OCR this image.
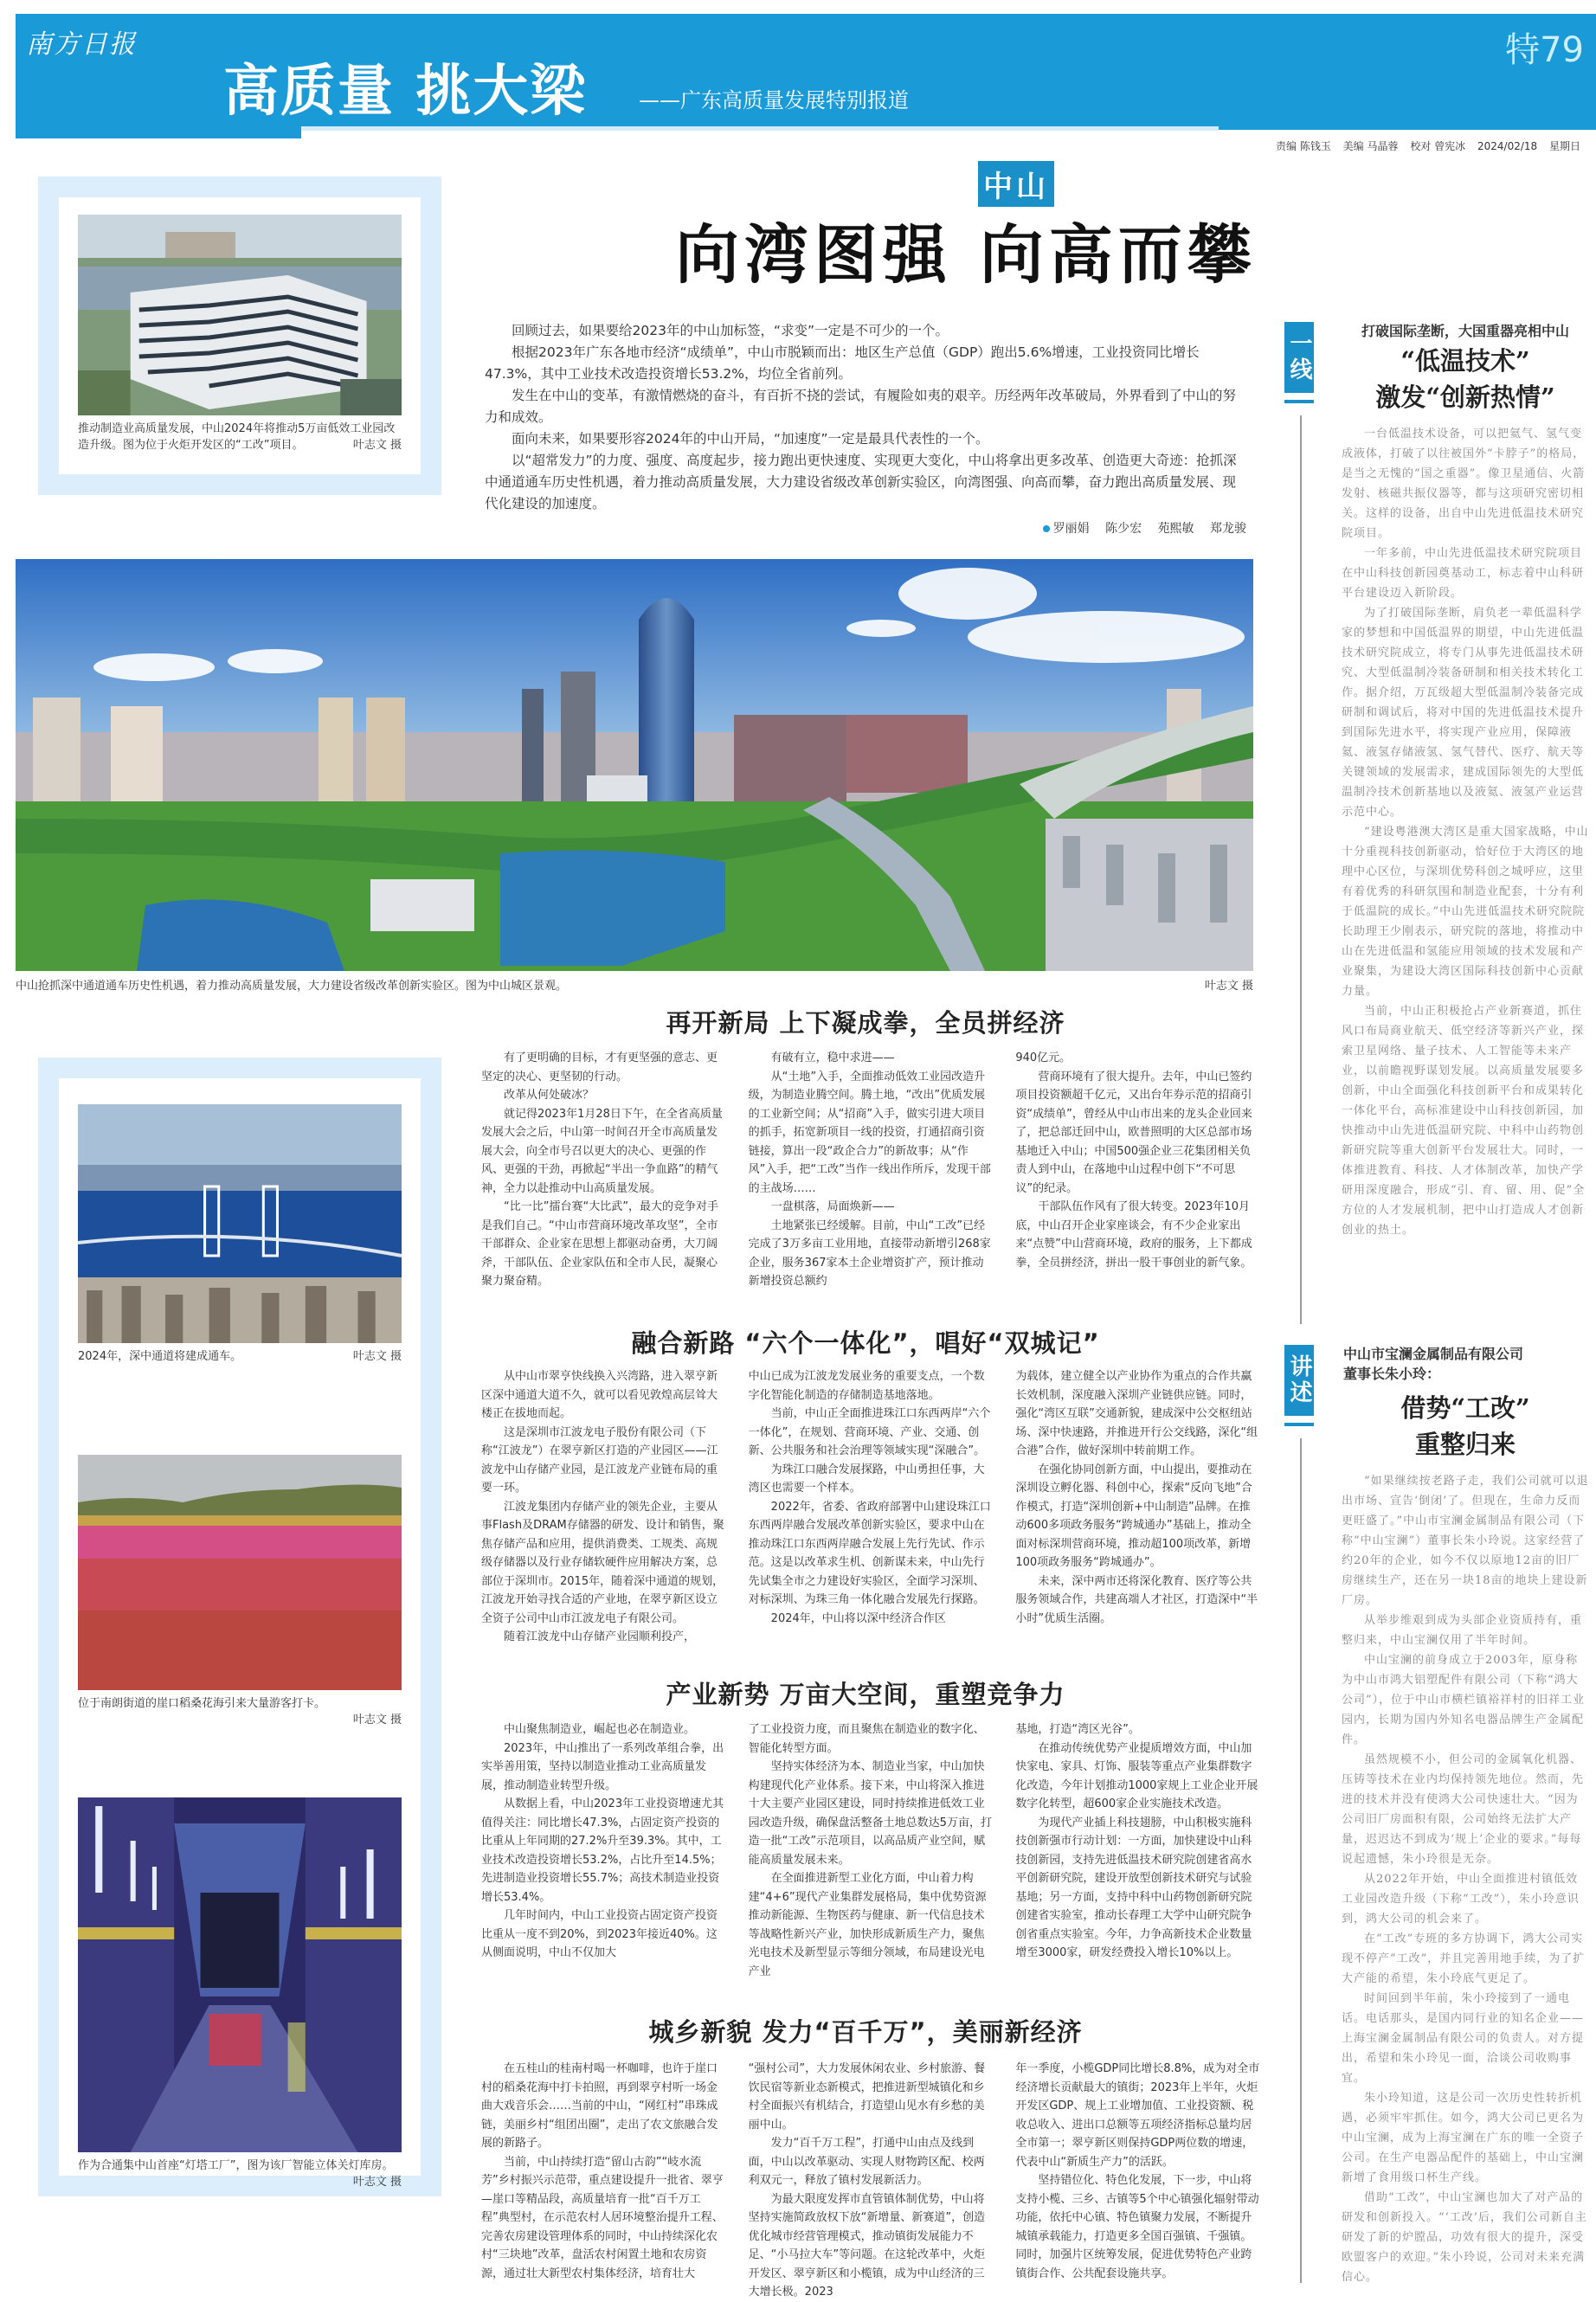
南方日报
高质量 挑大梁 ——广东高质量发展特别报道
特79
责编 陈钱玉 美编 马晶蓉 校对 曾宪冰 2024/02/18 星期日
推动制造业高质量发展，中山2024年将推动5万亩低效工业园改造升级。图为位于火炬开发区的“工改”项目。	叶志文 摄
中山
向湾图强 向高而攀

回顾过去，如果要给2023年的中山加标签，“求变”一定是不可少的一个。

根据2023年广东各地市经济“成绩单”，中山市脱颖而出：地区生产总值（GDP）跑出5.6%增速，工业投资同比增长47.3%，其中工业技术改造投资增长53.2%，均位全省前列。

发生在中山的变革，有激情燃烧的奋斗，有百折不挠的尝试，有履险如夷的艰辛。历经两年改革破局，外界看到了中山的努力和成效。

面向未来，如果要形容2024年的中山开局，“加速度”一定是最具代表性的一个。

以“超常发力”的力度、强度、高度起步，接力跑出更快速度、实现更大变化，中山将拿出更多改革、创造更大奇迹：抢抓深中通道通车历史性机遇，着力推动高质量发展，大力建设省级改革创新实验区，向湾图强、向高而攀，奋力跑出高质量发展、现代化建设的加速度。

罗丽娟 陈少宏 苑熙敏 郑龙骏
中山抢抓深中通道通车历史性机遇，着力推动高质量发展，大力建设省级改革创新实验区。图为中山城区景观。	叶志文 摄
2024年，深中通道将建成通车。	叶志文 摄
位于南朗街道的崖口稻桑花海引来大量游客打卡。
叶志文 摄
作为合通集中山首座“灯塔工厂”，图为该厂智能立体关灯库房。
叶志文 摄
再开新局 上下凝成拳，全员拼经济

有了更明确的目标，才有更坚强的意志、更坚定的决心、更坚韧的行动。

改革从何处破冰？

就记得2023年1月28日下午，在全省高质量发展大会之后，中山第一时间召开全市高质量发展大会，向全市号召以更大的决心、更强的作风、更强的干劲，再掀起“半出一争血路”的精气神，全力以赴推动中山高质量发展。

“比一比”擂台赛“大比武”，最大的竞争对手是我们自己。“中山市营商环境改革攻坚”，全市干部群众、企业家在思想上都驱动奋勇，大刀阔斧，干部队伍、企业家队伍和全市人民，凝聚心聚力聚奋精。

有破有立，稳中求进——

从“土地”入手，全面推动低效工业园改造升级，为制造业腾空间。腾土地，“改出”优质发展的工业新空间；从“招商”入手，做实引进大项目的抓手，拓宽新项目一线的投资，打通招商引资链接，算出一段“政企合力”的新故事；从“作风”入手，把“工改”当作一线出作所斥，发现干部的主战场……

一盘棋落，局面焕新——

土地紧张已经缓解。目前，中山“工改”已经完成了3万多亩工业用地，直接带动新增引268家企业，服务367家本土企业增资扩产，预计推动新增投资总额约

940亿元。

营商环境有了很大提升。去年，中山已签约项目投资额超千亿元，又出台年券示范的招商引资“成绩单”，曾经从中山市出来的龙头企业回来了，把总部迁回中山，欧普照明的大区总部市场基地迁入中山；中国500强企业三花集团相关负责人到中山，在落地中山过程中创下“不可思议”的纪录。

干部队伍作风有了很大转变。2023年10月底，中山召开企业家座谈会，有不少企业家出来“点赞”中山营商环境，政府的服务，上下都成拳，全员拼经济，拼出一股干事创业的新气象。

融合新路 “六个一体化”，唱好“双城记”

从中山市翠亨快线换入兴湾路，进入翠亨新区深中通道大道不久，就可以看见敦煌高层耸大楼正在拔地而起。

这是深圳市江波龙电子股份有限公司（下称“江波龙”）在翠亨新区打造的产业园区——江波龙中山存储产业园，是江波龙产业链布局的重要一环。

江波龙集团内存储产业的领先企业，主要从事Flash及DRAM存储器的研发、设计和销售，聚焦存储产品和应用，提供消费类、工规类、高规级存储器以及行业存储软硬件应用解决方案，总部位于深圳市。2015年，随着深中通道的规划，江波龙开始寻找合适的产业地，在翠亨新区设立全资子公司中山市江波龙电子有限公司。

随着江波龙中山存储产业园顺利投产，

中山已成为江波龙发展业务的重要支点，一个数字化智能化制造的存储制造基地落地。

当前，中山正全面推进珠江口东西两岸“六个一体化”，在规划、营商环境、产业、交通、创新、公共服务和社会治理等领域实现“深融合”。

为珠江口融合发展探路，中山勇担任事，大湾区也需要一个样本。

2022年，省委、省政府部署中山建设珠江口东西两岸融合发展改革创新实验区，要求中山在推动珠江口东西两岸融合发展上先行先试、作示范。这是以改革求生机、创新谋未来，中山先行先试集全市之力建设好实验区，全面学习深圳、对标深圳、为珠三角一体化融合发展先行探路。

2024年，中山将以深中经济合作区

为载体，建立健全以产业协作为重点的合作共赢长效机制，深度融入深圳产业链供应链。同时，强化“湾区互联”交通新貌，建成深中公交枢纽站场、深中快速路，并推进开行公交线路，深化“组合港”合作，做好深圳中转前期工作。

在强化协同创新方面，中山提出，要推动在深圳设立孵化器、科创中心，探索“反向飞地”合作模式，打造“深圳创新+中山制造”品牌。在推动600多项政务服务“跨城通办”基础上，推动全面对标深圳营商环境，推动超100项改革，新增100项政务服务“跨城通办”。

未来，深中两市还将深化教育、医疗等公共服务领域合作，共建高端人才社区，打造深中“半小时”优质生活圈。

产业新势 万亩大空间，重塑竞争力

中山聚焦制造业，崛起也必在制造业。

2023年，中山推出了一系列改革组合拳，出实举善用策，坚持以制造业推动工业高质量发展，推动制造业转型升级。

从数据上看，中山2023年工业投资增速尤其值得关注：同比增长47.3%，占固定资产投资的比重从上年同期的27.2%升至39.3%。其中，工业技术改造投资增长53.2%，占比升至14.5%；先进制造业投资增长55.7%；高技术制造业投资增长53.4%。

几年时间内，中山工业投资占固定资产投资比重从一度不到20%，到2023年接近40%。这从侧面说明，中山不仅加大

了工业投资力度，而且聚焦在制造业的数字化、智能化转型方面。

坚持实体经济为本、制造业当家，中山加快构建现代化产业体系。接下来，中山将深入推进十大主要产业园区建设，同时持续推进低效工业园改造升级，确保盘活整备土地总数达5万亩，打造一批“工改”示范项目，以高品质产业空间，赋能高质量发展未来。

在全面推进新型工业化方面，中山着力构建“4+6”现代产业集群发展格局，集中优势资源推动新能源、生物医药与健康、新一代信息技术等战略性新兴产业，加快形成新质生产力，聚焦光电技术及新型显示等细分领域，布局建设光电产业

基地，打造“湾区光谷”。

在推动传统优势产业提质增效方面，中山加快家电、家具、灯饰、服装等重点产业集群数字化改造，今年计划推动1000家规上工业企业开展数字化转型，超600家企业实施技术改造。

为现代产业插上科技翅膀，中山积极实施科技创新强市行动计划：一方面，加快建设中山科技创新园，支持先进低温技术研究院创建省高水平创新研究院，建设开放型创新技术研究与试验基地；另一方面，支持中科中山药物创新研究院创建省实验室，推动长春理工大学中山研究院争创省重点实验室。今年，力争高新技术企业数量增至3000家，研发经费投入增长10%以上。

城乡新貌 发力“百千万”，美丽新经济

在五桂山的桂南村喝一杯咖啡，也许于崖口村的稻桑花海中打卡拍照，再到翠亨村听一场金曲大戏音乐会……当前的中山，“网红村”串珠成链，美丽乡村“组团出圈”，走出了农文旅融合发展的新路子。

当前，中山持续打造“留山古韵”“岐水流芳”乡村振兴示范带，重点建设提升一批省、翠亨—崖口等精品段，高质量培育一批“百千万工程”典型村，在示范农村人居环境整治提升工程、完善农房建设管理体系的同时，中山持续深化农村“三块地”改革，盘活农村闲置土地和农房资源，通过壮大新型农村集体经济，培育壮大

“强村公司”，大力发展休闲农业、乡村旅游、餐饮民宿等新业态新模式，把推进新型城镇化和乡村全面振兴有机结合，打造望山见水有乡愁的美丽中山。

发力“百千万工程”，打通中山由点及线到面，中山以改革驱动、实现人财物跨区配、校两利双元一，释放了镇村发展新活力。

为最大限度发挥市直管镇体制优势，中山将坚持实施简政放权下放“新增量、新赛道”，创造优化城市经营管理模式，推动镇街发展能力不足、“小马拉大车”等问题。在这轮改革中，火炬开发区、翠亨新区和小榄镇，成为中山经济的三大增长极。2023

年一季度，小榄GDP同比增长8.8%，成为对全市经济增长贡献最大的镇街；2023年上半年，火炬开发区GDP、规上工业增加值、工业投资额、税收总收入、进出口总额等五项经济指标总量均居全市第一；翠亨新区则保持GDP两位数的增速，代表中山“新质生产力”的活跃。

坚持错位化、特色化发展，下一步，中山将支持小榄、三乡、古镇等5个中心镇强化辐射带动功能，依托中心镇、特色镇聚力发展，不断提升城镇承载能力，打造更多全国百强镇、千强镇。同时，加强片区统筹发展，促进优势特色产业跨镇街合作、公共配套设施共享。

一线
打破国际垄断，大国重器亮相中山
“低温技术”
激发“创新热情”

一台低温技术设备，可以把氦气、氢气变成液体，打破了以往被国外“卡脖子”的格局，是当之无愧的“国之重器”。像卫星通信、火箭发射、核磁共振仪器等，都与这项研究密切相关。这样的设备，出自中山先进低温技术研究院项目。

一年多前，中山先进低温技术研究院项目在中山科技创新园奠基动工，标志着中山科研平台建设迈入新阶段。

为了打破国际垄断，肩负老一辈低温科学家的梦想和中国低温界的期望，中山先进低温技术研究院成立，将专门从事先进低温技术研究、大型低温制冷装备研制和相关技术转化工作。据介绍，万瓦级超大型低温制冷装备完成研制和调试后，将对中国的先进低温技术提升到国际先进水平，将实现产业应用，保障液氦、液氢存储液氢、氢气替代、医疗、航天等关键领域的发展需求，建成国际领先的大型低温制冷技术创新基地以及液氦、液氢产业运营示范中心。

“建设粤港澳大湾区是重大国家战略，中山十分重视科技创新驱动，恰好位于大湾区的地理中心区位，与深圳优势科创之城呼应，这里有着优秀的科研氛围和制造业配套，十分有利于低温院的成长。”中山先进低温技术研究院院长助理王少刚表示，研究院的落地，将推动中山在先进低温和氢能应用领域的技术发展和产业聚集，为建设大湾区国际科技创新中心贡献力量。

当前，中山正积极抢占产业新赛道，抓住风口布局商业航天、低空经济等新兴产业，探索卫星网络、量子技术、人工智能等未来产业，以前瞻视野谋划发展。以高质量发展要多创新，中山全面强化科技创新平台和成果转化一体化平台，高标准建设中山科技创新园，加快推动中山先进低温研究院、中科中山药物创新研究院等重大创新平台发展壮大。同时，一体推进教育、科技、人才体制改革，加快产学研用深度融合，形成“引、育、留、用、促”全方位的人才发展机制，把中山打造成人才创新创业的热土。

讲述
中山市宝澜金属制品有限公司
董事长朱小玲：
借势“工改”
重整归来

“如果继续按老路子走，我们公司就可以退出市场、宣告‘倒闭’了。但现在，生命力反而更旺盛了。”中山市宝澜金属制品有限公司（下称“中山宝澜”）董事长朱小玲说。这家经营了约20年的企业，如今不仅以原地12亩的旧厂房继续生产，还在另一块18亩的地块上建设新厂房。

从举步维艰到成为头部企业资质持有，重整归来，中山宝澜仅用了半年时间。

中山宝澜的前身成立于2003年，原身称为中山市鸿大铝塑配件有限公司（下称“鸿大公司”），位于中山市横栏镇裕祥村的旧祥工业园内，长期为国内外知名电器品牌生产金属配件。

虽然规模不小，但公司的金属氧化机器、压铸等技术在业内均保持领先地位。然而，先进的技术并没有使鸿大公司快速壮大。“因为公司旧厂房面积有限，公司始终无法扩大产量，迟迟达不到成为‘规上’企业的要求。”每每说起遗憾，朱小玲很是无奈。

从2022年开始，中山全面推进村镇低效工业园改造升级（下称“工改”），朱小玲意识到，鸿大公司的机会来了。

在“工改”专班的多方协调下，鸿大公司实现不停产“工改”，并且完善用地手续，为了扩大产能的希望，朱小玲底气更足了。

时间回到半年前，朱小玲接到了一通电话。电话那头，是国内同行业的知名企业——上海宝澜金属制品有限公司的负责人。对方提出，希望和朱小玲见一面，洽谈公司收购事宜。

朱小玲知道，这是公司一次历史性转折机遇，必须牢牢抓住。如今，鸿大公司已更名为中山宝澜，成为上海宝澜在广东的唯一全资子公司。在生产电器品配件的基础上，中山宝澜新增了食用级口杯生产线。

借助“工改”，中山宝澜也加大了对产品的研发和创新投入。“‘工改’后，我们公司新自主研发了新的炉膛品，功效有很大的提升，深受欧盟客户的欢迎。”朱小玲说，公司对未来充满信心。
